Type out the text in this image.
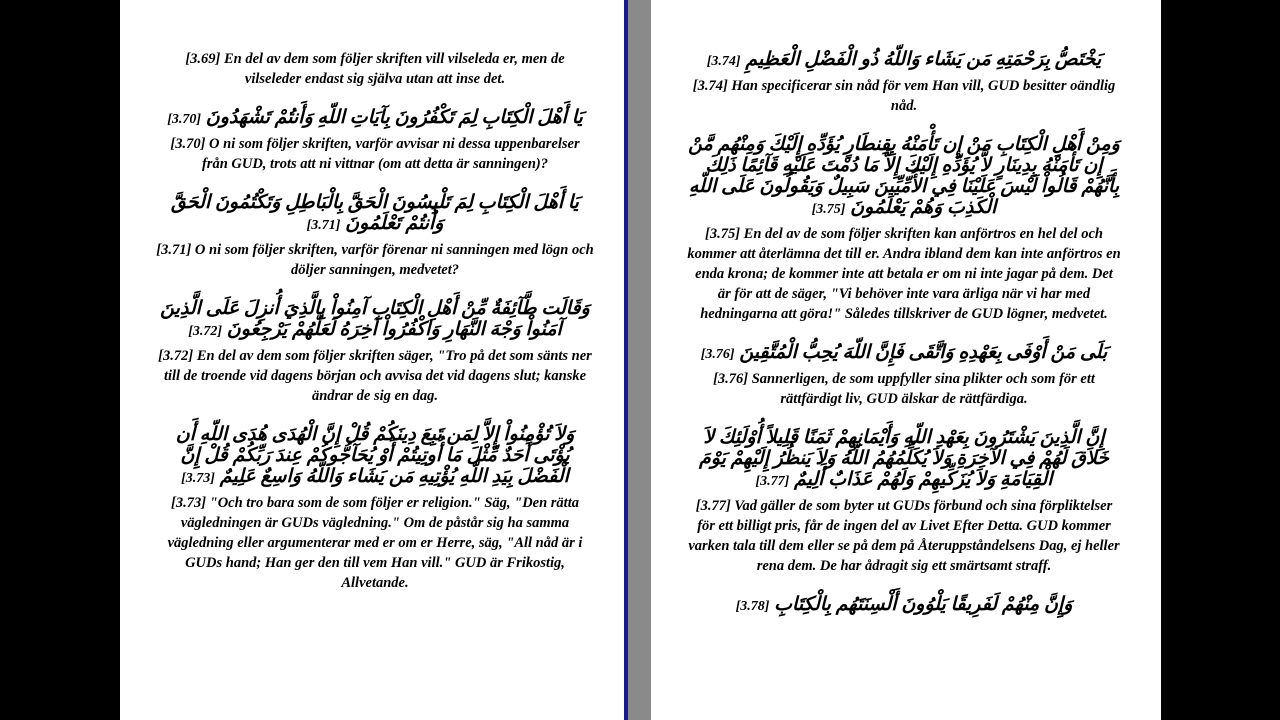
[3.69] En del av dem som följer skriften vill vilseleda er, men de vilseleder endast sig själva utan att inse det.

يَا أَهْلَ الْكِتَابِ لِمَ تَكْفُرُونَ بِآيَاتِ اللّهِ وَأَنتُمْ تَشْهَدُونَ [3.70]

[3.70] O ni som följer skriften, varför avvisar ni dessa uppenbarelser från GUD, trots att ni vittnar (om att detta är sanningen)?

يَا أَهْلَ الْكِتَابِ لِمَ تَلْبِسُونَ الْحَقَّ بِالْبَاطِلِ وَتَكْتُمُونَ الْحَقَّ وَأَنتُمْ تَعْلَمُونَ [3.71]

[3.71] O ni som följer skriften, varför förenar ni sanningen med lögn och döljer sanningen, medvetet?

وَقَالَت طَّآئِفَةٌ مِّنْ أَهْلِ الْكِتَابِ آمِنُواْ بِالَّذِيَ أُنزِلَ عَلَى الَّذِينَ آمَنُواْ وَجْهَ النَّهَارِ وَاكْفُرُواْ آخِرَهُ لَعَلَّهُمْ يَرْجِعُونَ [3.72]

[3.72] En del av dem som följer skriften säger, "Tro på det som sänts ner till de troende vid dagens början och avvisa det vid dagens slut; kanske ändrar de sig en dag.

وَلاَ تُؤْمِنُواْ إِلاَّ لِمَن تَبِعَ دِينَكُمْ قُلْ إِنَّ الْهُدَى هُدَى اللّهِ أَن يُؤْتَى أَحَدٌ مِّثْلَ مَا أُوتِيتُمْ أَوْ يُحَآجُّوكُمْ عِندَ رَبِّكُمْ قُلْ إِنَّ الْفَضْلَ بِيَدِ اللّهِ يُؤْتِيهِ مَن يَشَاء وَاللّهُ وَاسِعٌ عَلِيمٌ [3.73]

[3.73] "Och tro bara som de som följer er religion." Säg, "Den rätta vägledningen är GUDs vägledning." Om de påstår sig ha samma vägledning eller argumenterar med er om er Herre, säg, "All nåd är i GUDs hand; Han ger den till vem Han vill." GUD är Frikostig, Allvetande.

يَخْتَصُّ بِرَحْمَتِهِ مَن يَشَاء وَاللّهُ ذُو الْفَضْلِ الْعَظِيمِ [3.74]

[3.74] Han specificerar sin nåd för vem Han vill, GUD besitter oändlig nåd.

وَمِنْ أَهْلِ الْكِتَابِ مَنْ إِن تَأْمَنْهُ بِقِنطَارٍ يُؤَدِّهِ إِلَيْكَ وَمِنْهُم مَّنْ إِن تَأْمَنْهُ بِدِينَارٍ لاَّ يُؤَدِّهِ إِلَيْكَ إِلاَّ مَا دُمْتَ عَلَيْهِ قَآئِمًا ذَلِكَ بِأَنَّهُمْ قَالُواْ لَيْسَ عَلَيْنَا فِي الأُمِّيِّينَ سَبِيلٌ وَيَقُولُونَ عَلَى اللّهِ الْكَذِبَ وَهُمْ يَعْلَمُونَ [3.75]

[3.75] En del av de som följer skriften kan anförtros en hel del och kommer att återlämna det till er. Andra ibland dem kan inte anförtros en enda krona; de kommer inte att betala er om ni inte jagar på dem. Det är för att de säger, "Vi behöver inte vara ärliga när vi har med hedningarna att göra!" Således tillskriver de GUD lögner, medvetet.

بَلَى مَنْ أَوْفَى بِعَهْدِهِ وَاتَّقَى فَإِنَّ اللّهَ يُحِبُّ الْمُتَّقِينَ [3.76]

[3.76] Sannerligen, de som uppfyller sina plikter och som för ett rättfärdigt liv, GUD älskar de rättfärdiga.

إِنَّ الَّذِينَ يَشْتَرُونَ بِعَهْدِ اللّهِ وَأَيْمَانِهِمْ ثَمَنًا قَلِيلاً أُوْلَئِكَ لاَ خَلاَقَ لَهُمْ فِي الآخِرَةِ وَلاَ يُكَلِّمُهُمُ اللّهُ وَلاَ يَنظُرُ إِلَيْهِمْ يَوْمَ الْقِيَامَةِ وَلاَ يُزَكِّيهِمْ وَلَهُمْ عَذَابٌ أَلِيمٌ [3.77]

[3.77] Vad gäller de som byter ut GUDs förbund och sina förpliktelser för ett billigt pris, får de ingen del av Livet Efter Detta. GUD kommer varken tala till dem eller se på dem på Återuppståndelsens Dag, ej heller rena dem. De har ådragit sig ett smärtsamt straff.

وَإِنَّ مِنْهُمْ لَفَرِيقًا يَلْوُونَ أَلْسِنَتَهُم بِالْكِتَابِ [3.78]
